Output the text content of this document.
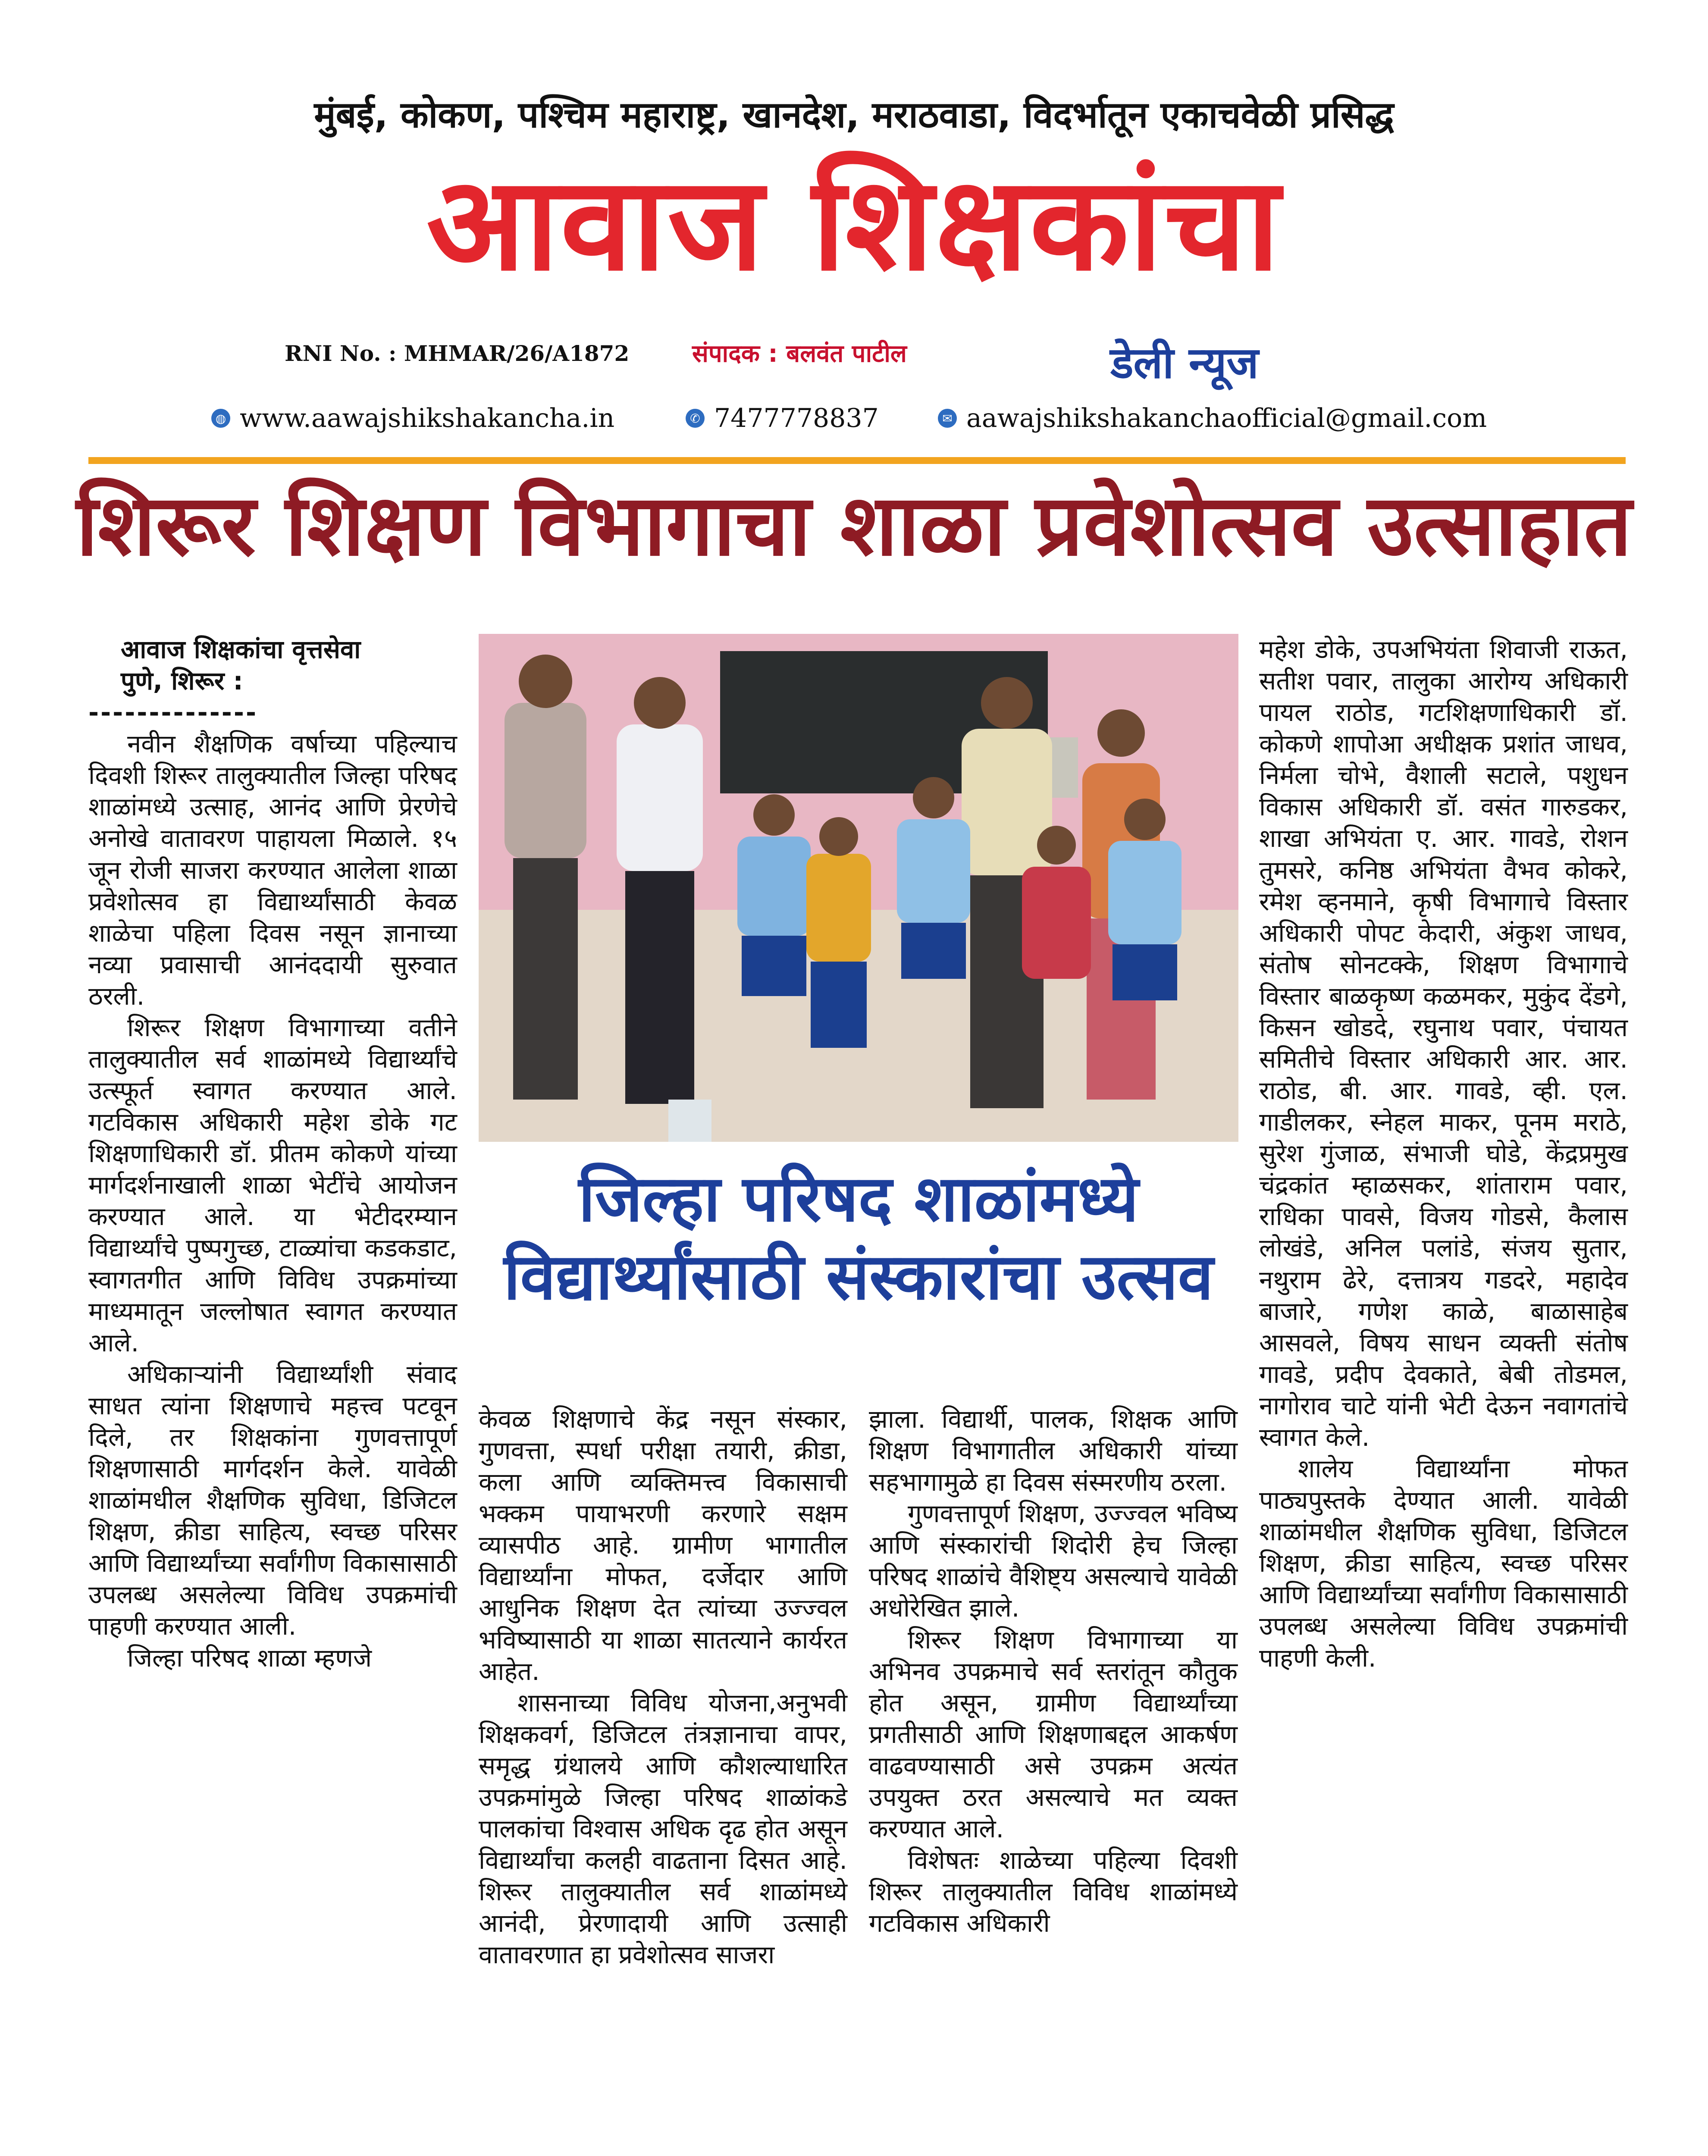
मुंबई, कोकण, पश्चिम महाराष्ट्र, खानदेश, मराठवाडा, विदर्भातून एकाचवेळी प्रसिद्ध
आवाज शिक्षकांचा
RNI No. : MHMAR/26/A1872	संपादक : बलवंत पाटील	डेली न्यूज
◍ www.aawajshikshakancha.in	✆ 7477778837	✉ aawajshikshakanchaofficial@gmail.com
शिरूर शिक्षण विभागाचा शाळा प्रवेशोत्सव उत्साहात

आवाज शिक्षकांचा वृत्तसेवा

पुणे, शिरूर :

--------------

नवीन शैक्षणिक वर्षाच्या पहिल्याच दिवशी शिरूर तालुक्यातील जिल्हा परिषद शाळांमध्ये उत्साह, आनंद आणि प्रेरणेचे अनोखे वातावरण पाहायला मिळाले. १५ जून रोजी साजरा करण्यात आलेला शाळा प्रवेशोत्सव हा विद्यार्थ्यांसाठी केवळ शाळेचा पहिला दिवस नसून ज्ञानाच्या नव्या प्रवासाची आनंददायी सुरुवात ठरली.

शिरूर शिक्षण विभागाच्या वतीने तालुक्यातील सर्व शाळांमध्ये विद्यार्थ्यांचे उत्स्फूर्त स्वागत करण्यात आले. गटविकास अधिकारी महेश डोके गट शिक्षणाधिकारी डॉ. प्रीतम कोकणे यांच्या मार्गदर्शनाखाली शाळा भेटींचे आयोजन करण्यात आले. या भेटीदरम्यान विद्यार्थ्यांचे पुष्पगुच्छ, टाळ्यांचा कडकडाट, स्वागतगीत आणि विविध उपक्रमांच्या माध्यमातून जल्लोषात स्वागत करण्यात आले.

अधिकाऱ्यांनी विद्यार्थ्यांशी संवाद साधत त्यांना शिक्षणाचे महत्त्व पटवून दिले, तर शिक्षकांना गुणवत्तापूर्ण शिक्षणासाठी मार्गदर्शन केले. यावेळी शाळांमधील शैक्षणिक सुविधा, डिजिटल शिक्षण, क्रीडा साहित्य, स्वच्छ परिसर आणि विद्यार्थ्यांच्या सर्वांगीण विकासासाठी उपलब्ध असलेल्या विविध उपक्रमांची पाहणी करण्यात आली.

जिल्हा परिषद शाळा म्हणजे

जिल्हा परिषद शाळांमध्ये
विद्यार्थ्यांसाठी संस्कारांचा उत्सव

केवळ शिक्षणाचे केंद्र नसून संस्कार, गुणवत्ता, स्पर्धा परीक्षा तयारी, क्रीडा, कला आणि व्यक्तिमत्त्व विकासाची भक्कम पायाभरणी करणारे सक्षम व्यासपीठ आहे. ग्रामीण भागातील विद्यार्थ्यांना मोफत, दर्जेदार आणि आधुनिक शिक्षण देत त्यांच्या उज्ज्वल भविष्यासाठी या शाळा सातत्याने कार्यरत आहेत.

शासनाच्या विविध योजना,अनुभवी शिक्षकवर्ग, डिजिटल तंत्रज्ञानाचा वापर, समृद्ध ग्रंथालये आणि कौशल्याधारित उपक्रमांमुळे जिल्हा परिषद शाळांकडे पालकांचा विश्वास अधिक दृढ होत असून विद्यार्थ्यांचा कलही वाढताना दिसत आहे. शिरूर तालुक्यातील सर्व शाळांमध्ये आनंदी, प्रेरणादायी आणि उत्साही वातावरणात हा प्रवेशोत्सव साजरा

झाला. विद्यार्थी, पालक, शिक्षक आणि शिक्षण विभागातील अधिकारी यांच्या सहभागामुळे हा दिवस संस्मरणीय ठरला.

गुणवत्तापूर्ण शिक्षण, उज्ज्वल भविष्य आणि संस्कारांची शिदोरी हेच जिल्हा परिषद शाळांचे वैशिष्ट्य असल्याचे यावेळी अधोरेखित झाले.

शिरूर शिक्षण विभागाच्या या अभिनव उपक्रमाचे सर्व स्तरांतून कौतुक होत असून, ग्रामीण विद्यार्थ्यांच्या प्रगतीसाठी आणि शिक्षणाबद्दल आकर्षण वाढवण्यासाठी असे उपक्रम अत्यंत उपयुक्त ठरत असल्याचे मत व्यक्त करण्यात आले.

विशेषतः शाळेच्या पहिल्या दिवशी शिरूर तालुक्यातील विविध शाळांमध्ये गटविकास अधिकारी

महेश डोके, उपअभियंता शिवाजी राऊत, सतीश पवार, तालुका आरोग्य अधिकारी पायल राठोड, गटशिक्षणाधिकारी डॉ. कोकणे शापोआ अधीक्षक प्रशांत जाधव, निर्मला चोभे, वैशाली सटाले, पशुधन विकास अधिकारी डॉ. वसंत गारुडकर, शाखा अभियंता ए. आर. गावडे, रोशन तुमसरे, कनिष्ठ अभियंता वैभव कोकरे, रमेश व्हनमाने, कृषी विभागाचे विस्तार अधिकारी पोपट केदारी, अंकुश जाधव, संतोष सोनटक्के, शिक्षण विभागाचे विस्तार बाळकृष्ण कळमकर, मुकुंद देंडगे, किसन खोडदे, रघुनाथ पवार, पंचायत समितीचे विस्तार अधिकारी आर. आर. राठोड, बी. आर. गावडे, व्ही. एल. गाडीलकर, स्नेहल माकर, पूनम मराठे, सुरेश गुंजाळ, संभाजी घोडे, केंद्रप्रमुख चंद्रकांत म्हाळसकर, शांताराम पवार, राधिका पावसे, विजय गोडसे, कैलास लोखंडे, अनिल पलांडे, संजय सुतार, नथुराम ढेरे, दत्तात्रय गडदरे, महादेव बाजारे, गणेश काळे, बाळासाहेब आसवले, विषय साधन व्यक्ती संतोष गावडे, प्रदीप देवकाते, बेबी तोडमल, नागोराव चाटे यांनी भेटी देऊन नवागतांचे स्वागत केले.

शालेय विद्यार्थ्यांना मोफत पाठ्यपुस्तके देण्यात आली. यावेळी शाळांमधील शैक्षणिक सुविधा, डिजिटल शिक्षण, क्रीडा साहित्य, स्वच्छ परिसर आणि विद्यार्थ्यांच्या सर्वांगीण विकासासाठी उपलब्ध असलेल्या विविध उपक्रमांची पाहणी केली.
